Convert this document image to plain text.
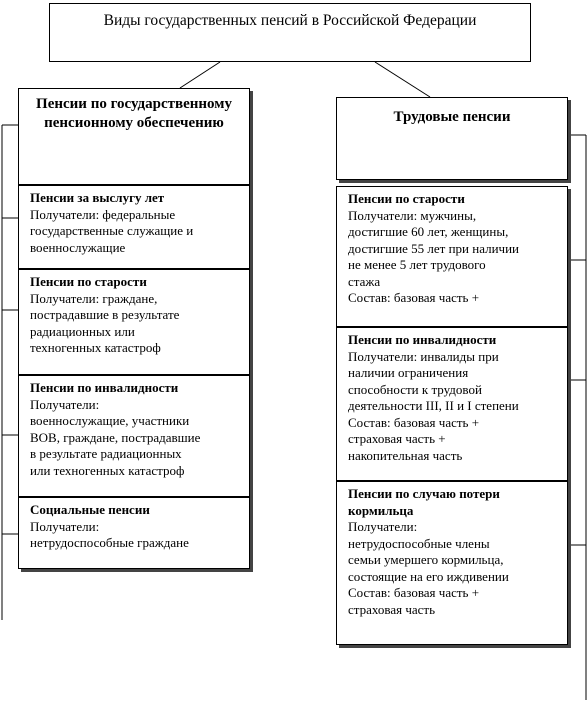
Виды государственных пенсий в Российской Федерации
Пенсии по государственному пенсионному обеспечению	Трудовые пенсии
Пенсии за выслугу лет
Получатели: федеральные
государственные служащие и
военнослужащие
Пенсии по старости
Получатели: граждане,
пострадавшие в результате
радиационных или
техногенных катастроф
Пенсии по инвалидности
Получатели:
военнослужащие, участники
ВОВ, граждане, пострадавшие
в результате радиационных
или техногенных катастроф
Социальные пенсии
Получатели:
нетрудоспособные граждане
Пенсии по старости
Получатели: мужчины,
достигшие 60 лет, женщины,
достигшие 55 лет при наличии
не менее 5 лет трудового
стажа
Состав: базовая часть +
Пенсии по инвалидности
Получатели: инвалиды при
наличии ограничения
способности к трудовой
деятельности III, II и I степени
Состав: базовая часть +
страховая часть +
накопительная часть
Пенсии по случаю потери
кормильца
Получатели:
нетрудоспособные члены
семьи умершего кормильца,
состоящие на его иждивении
Состав: базовая часть +
страховая часть
